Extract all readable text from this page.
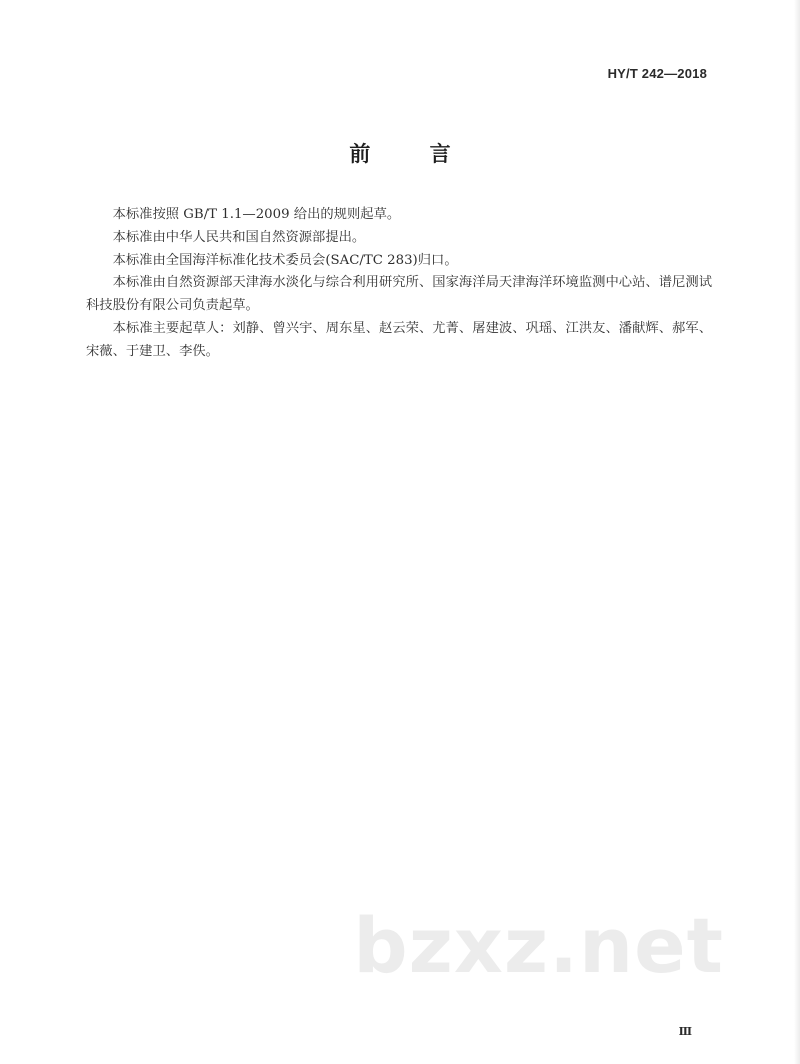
HY/T 242—2018
前 言

本标准按照 GB/T 1.1—2009 给出的规则起草。

本标准由中华人民共和国自然资源部提出。

本标准由全国海洋标准化技术委员会(SAC/TC 283)归口。

本标准由自然资源部天津海水淡化与综合利用研究所、国家海洋局天津海洋环境监测中心站、谱尼测试科技股份有限公司负责起草。

本标准主要起草人：刘静、曾兴宇、周东星、赵云荣、尤菁、屠建波、巩瑶、江洪友、潘献辉、郝军、宋薇、于建卫、李佚。

bzxz.net
Ⅲ
